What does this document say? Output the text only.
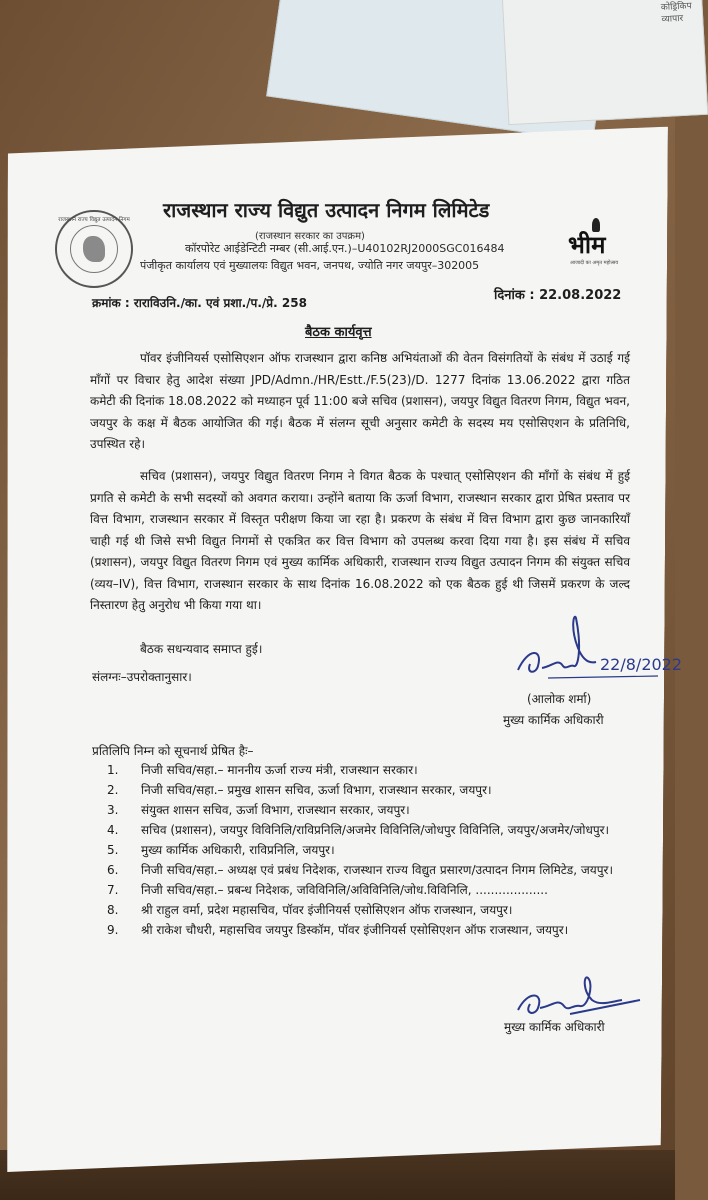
कोड्रिकिप
व्यापार
राजस्थान राज्य विद्युत उत्पादन निगम
भीम
आजादी का अमृत महोत्सव
राजस्थान राज्य विद्युत उत्पादन निगम लिमिटेड
(राजस्थान सरकार का उपक्रम)
कॉरपोरेट आईडेन्टिटी नम्बर (सी.आई.एन.)–U40102RJ2000SGC016484
पंजीकृत कार्यालय एवं मुख्यालयः विद्युत भवन, जनपथ, ज्योति नगर जयपुर–302005
क्रमांक : राराविउनि./का. एवं प्रशा./प./प्रे. 258	दिनांक : 22.08.2022
बैठक कार्यवृत्त
पॉवर इंजीनियर्स एसोसिएशन ऑफ राजस्थान द्वारा कनिष्ठ अभियंताओं की वेतन विसंगतियों के संबंध में उठाई गई माँगों पर विचार हेतु आदेश संख्या JPD/Admn./HR/Estt./F.5(23)/D. 1277 दिनांक 13.06.2022 द्वारा गठित कमेटी की दिनांक 18.08.2022 को मध्याहन पूर्व 11:00 बजे सचिव (प्रशासन), जयपुर विद्युत वितरण निगम, विद्युत भवन, जयपुर के कक्ष में बैठक आयोजित की गई। बैठक में संलग्न सूची अनुसार कमेटी के सदस्य मय एसोसिएशन के प्रतिनिधि, उपस्थित रहे।
सचिव (प्रशासन), जयपुर विद्युत वितरण निगम ने विगत बैठक के पश्चात् एसोसिएशन की माँगों के संबंध में हुई प्रगति से कमेटी के सभी सदस्यों को अवगत कराया। उन्होंने बताया कि ऊर्जा विभाग, राजस्थान सरकार द्वारा प्रेषित प्रस्ताव पर वित्त विभाग, राजस्थान सरकार में विस्तृत परीक्षण किया जा रहा है। प्रकरण के संबंध में वित्त विभाग द्वारा कुछ जानकारियाँ चाही गई थी जिसे सभी विद्युत निगमों से एकत्रित कर वित्त विभाग को उपलब्ध करवा दिया गया है। इस संबंध में सचिव (प्रशासन), जयपुर विद्युत वितरण निगम एवं मुख्य कार्मिक अधिकारी, राजस्थान राज्य विद्युत उत्पादन निगम की संयुक्त सचिव (व्यय–IV), वित्त विभाग, राजस्थान सरकार के साथ दिनांक 16.08.2022 को एक बैठक हुई थी जिसमें प्रकरण के जल्द निस्तारण हेतु अनुरोध भी किया गया था।
बैठक सधन्यवाद समाप्त हुई।
संलग्नः–उपरोक्तानुसार।
22/8/2022
(आलोक शर्मा)
मुख्य कार्मिक अधिकारी
प्रतिलिपि निम्न को सूचनार्थ प्रेषित हैः–
1.	निजी सचिव/सहा.– माननीय ऊर्जा राज्य मंत्री, राजस्थान सरकार।
2.	निजी सचिव/सहा.– प्रमुख शासन सचिव, ऊर्जा विभाग, राजस्थान सरकार, जयपुर।
3.	संयुक्त शासन सचिव, ऊर्जा विभाग, राजस्थान सरकार, जयपुर।
4.	सचिव (प्रशासन), जयपुर विविनिलि/राविप्रनिलि/अजमेर विविनिलि/जोधपुर विविनिलि, जयपुर/अजमेर/जोधपुर।
5.	मुख्य कार्मिक अधिकारी, राविप्रनिलि, जयपुर।
6.	निजी सचिव/सहा.– अध्यक्ष एवं प्रबंध निदेशक, राजस्थान राज्य विद्युत प्रसारण/उत्पादन निगम लिमिटेड, जयपुर।
7.	निजी सचिव/सहा.– प्रबन्ध निदेशक, जविविनिलि/अविविनिलि/जोध.विविनिलि, ...................
8.	श्री राहुल वर्मा, प्रदेश महासचिव, पॉवर इंजीनियर्स एसोसिएशन ऑफ राजस्थान, जयपुर।
9.	श्री राकेश चौधरी, महासचिव जयपुर डिस्कॉम, पॉवर इंजीनियर्स एसोसिएशन ऑफ राजस्थान, जयपुर।
मुख्य कार्मिक अधिकारी
